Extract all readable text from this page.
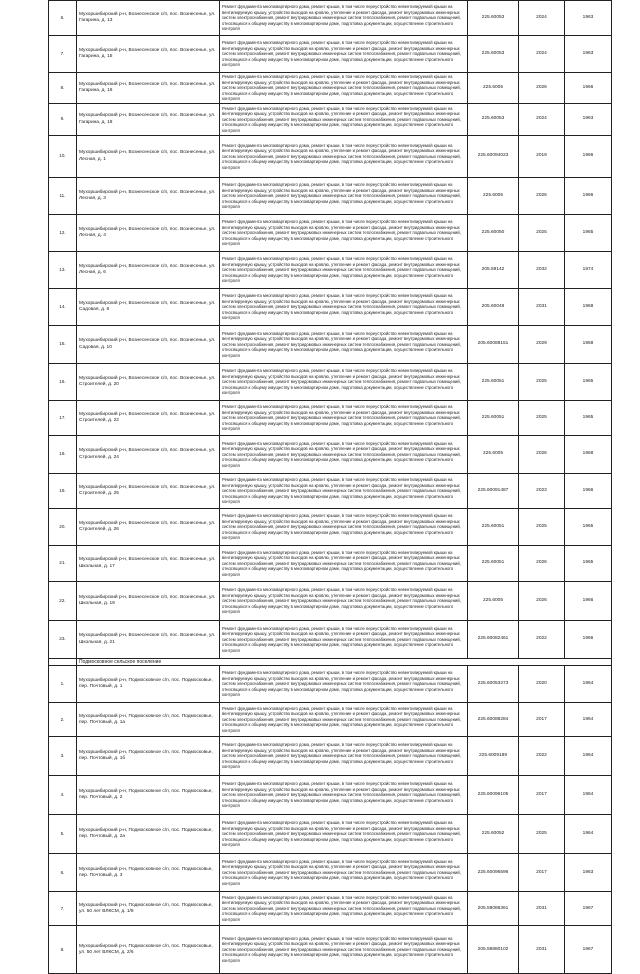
6.	Мухоршибирский р-н, Вознесенское с/п, пос. Вознесенье, ул. Гагарина, д. 13	Ремонт фундамента многоквартирного дома, ремонт крыши, в том числе переустройство невентилируемой крыши на вентилируемую крышу, устройство выходов на кровлю, утепление и ремонт фасада, ремонт внутридомовых инженерных систем электроснабжения, ремонт внутридомовых инженерных систем теплоснабжения, ремонт подвальных помещений, относящихся к общему имуществу в многоквартирном доме, подготовка документации, осуществление строительного контроля	225.60053	2024	1963
7.	Мухоршибирский р-н, Вознесенское с/п, пос. Вознесенье, ул. Гагарина, д. 15	Ремонт фундамента многоквартирного дома, ремонт крыши, в том числе переустройство невентилируемой крыши на вентилируемую крышу, устройство выходов на кровлю, утепление и ремонт фасада, ремонт внутридомовых инженерных систем электроснабжения, ремонт внутридомовых инженерных систем теплоснабжения, ремонт подвальных помещений, относящихся к общему имуществу в многоквартирном доме, подготовка документации, осуществление строительного контроля	225.60053	2024	1963
8.	Мухоршибирский р-н, Вознесенское с/п, пос. Вознесенье, ул. Гагарина, д. 16	Ремонт фундамента многоквартирного дома, ремонт крыши, в том числе переустройство невентилируемой крыши на вентилируемую крышу, устройство выходов на кровлю, утепление и ремонт фасада, ремонт внутридомовых инженерных систем электроснабжения, ремонт внутридомовых инженерных систем теплоснабжения, ремонт подвальных помещений, относящихся к общему имуществу в многоквартирном доме, подготовка документации, осуществление строительного контроля	225.6005	2026	1966
9.	Мухоршибирский р-н, Вознесенское с/п, пос. Вознесенье, ул. Гагарина, д. 18	Ремонт фундамента многоквартирного дома, ремонт крыши, в том числе переустройство невентилируемой крыши на вентилируемую крышу, устройство выходов на кровлю, утепление и ремонт фасада, ремонт внутридомовых инженерных систем электроснабжения, ремонт внутридомовых инженерных систем теплоснабжения, ремонт подвальных помещений, относящихся к общему имуществу в многоквартирном доме, подготовка документации, осуществление строительного контроля	225.60053	2024	1963
10.	Мухоршибирский р-н, Вознесенское с/п, пос. Вознесенье, ул. Лесная, д. 1	Ремонт фундамента многоквартирного дома, ремонт крыши, в том числе переустройство невентилируемой крыши на вентилируемую крышу, устройство выходов на кровлю, утепление и ремонт фасада, ремонт внутридомовых инженерных систем электроснабжения, ремонт внутридомовых инженерных систем теплоснабжения, ремонт подвальных помещений, относящихся к общему имуществу в многоквартирном доме, подготовка документации, осуществление строительного контроля	225.60094023	2019	1966
11.	Мухоршибирский р-н, Вознесенское с/п, пос. Вознесенье, ул. Лесная, д. 3	Ремонт фундамента многоквартирного дома, ремонт крыши, в том числе переустройство невентилируемой крыши на вентилируемую крышу, устройство выходов на кровлю, утепление и ремонт фасада, ремонт внутридомовых инженерных систем электроснабжения, ремонт внутридомовых инженерных систем теплоснабжения, ремонт подвальных помещений, относящихся к общему имуществу в многоквартирном доме, подготовка документации, осуществление строительного контроля	225.6005	2026	1966
12.	Мухоршибирский р-н, Вознесенское с/п, пос. Вознесенье, ул. Лесная, д. 4	Ремонт фундамента многоквартирного дома, ремонт крыши, в том числе переустройство невентилируемой крыши на вентилируемую крышу, устройство выходов на кровлю, утепление и ремонт фасада, ремонт внутридомовых инженерных систем электроснабжения, ремонт внутридомовых инженерных систем теплоснабжения, ремонт подвальных помещений, относящихся к общему имуществу в многоквартирном доме, подготовка документации, осуществление строительного контроля	225.60050	2025	1965
13.	Мухоршибирский р-н, Вознесенское с/п, пос. Вознесенье, ул. Лесная, д. 6	Ремонт фундамента многоквартирного дома, ремонт крыши, в том числе переустройство невентилируемой крыши на вентилируемую крышу, устройство выходов на кровлю, утепление и ремонт фасада, ремонт внутридомовых инженерных систем электроснабжения, ремонт внутридомовых инженерных систем теплоснабжения, ремонт подвальных помещений, относящихся к общему имуществу в многоквартирном доме, подготовка документации, осуществление строительного контроля	205.59142	2032	1974
14.	Мухоршибирский р-н, Вознесенское с/п, пос. Вознесенье, ул. Садовая, д. 8	Ремонт фундамента многоквартирного дома, ремонт крыши, в том числе переустройство невентилируемой крыши на вентилируемую крышу, устройство выходов на кровлю, утепление и ремонт фасада, ремонт внутридомовых инженерных систем электроснабжения, ремонт внутридомовых инженерных систем теплоснабжения, ремонт подвальных помещений, относящихся к общему имуществу в многоквартирном доме, подготовка документации, осуществление строительного контроля	205.60048	2031	1968
15.	Мухоршибирский р-н, Вознесенское с/п, пос. Вознесенье, ул. Садовая, д. 10	Ремонт фундамента многоквартирного дома, ремонт крыши, в том числе переустройство невентилируемой крыши на вентилируемую крышу, устройство выходов на кровлю, утепление и ремонт фасада, ремонт внутридомовых инженерных систем электроснабжения, ремонт внутридомовых инженерных систем теплоснабжения, ремонт подвальных помещений, относящихся к общему имуществу в многоквартирном доме, подготовка документации, осуществление строительного контроля	205.60088151	2029	1968
16.	Мухоршибирский р-н, Вознесенское с/п, пос. Вознесенье, ул. Строителей, д. 20	Ремонт фундамента многоквартирного дома, ремонт крыши, в том числе переустройство невентилируемой крыши на вентилируемую крышу, устройство выходов на кровлю, утепление и ремонт фасада, ремонт внутридомовых инженерных систем электроснабжения, ремонт внутридомовых инженерных систем теплоснабжения, ремонт подвальных помещений, относящихся к общему имуществу в многоквартирном доме, подготовка документации, осуществление строительного контроля	225.60051	2025	1965
17.	Мухоршибирский р-н, Вознесенское с/п, пос. Вознесенье, ул. Строителей, д. 22	Ремонт фундамента многоквартирного дома, ремонт крыши, в том числе переустройство невентилируемой крыши на вентилируемую крышу, устройство выходов на кровлю, утепление и ремонт фасада, ремонт внутридомовых инженерных систем электроснабжения, ремонт внутридомовых инженерных систем теплоснабжения, ремонт подвальных помещений, относящихся к общему имуществу в многоквартирном доме, подготовка документации, осуществление строительного контроля	225.60051	2025	1965
18.	Мухоршибирский р-н, Вознесенское с/п, пос. Вознесенье, ул. Строителей, д. 24	Ремонт фундамента многоквартирного дома, ремонт крыши, в том числе переустройство невентилируемой крыши на вентилируемую крышу, устройство выходов на кровлю, утепление и ремонт фасада, ремонт внутридомовых инженерных систем электроснабжения, ремонт внутридомовых инженерных систем теплоснабжения, ремонт подвальных помещений, относящихся к общему имуществу в многоквартирном доме, подготовка документации, осуществление строительного контроля	225.6005	2026	1968
19.	Мухоршибирский р-н, Вознесенское с/п, пос. Вознесенье, ул. Строителей, д. 25	Ремонт фундамента многоквартирного дома, ремонт крыши, в том числе переустройство невентилируемой крыши на вентилируемую крышу, устройство выходов на кровлю, утепление и ремонт фасада, ремонт внутридомовых инженерных систем электроснабжения, ремонт внутридомовых инженерных систем теплоснабжения, ремонт подвальных помещений, относящихся к общему имуществу в многоквартирном доме, подготовка документации, осуществление строительного контроля	225.60091487	2023	1966
20.	Мухоршибирский р-н, Вознесенское с/п, пос. Вознесенье, ул. Строителей, д. 26	Ремонт фундамента многоквартирного дома, ремонт крыши, в том числе переустройство невентилируемой крыши на вентилируемую крышу, устройство выходов на кровлю, утепление и ремонт фасада, ремонт внутридомовых инженерных систем электроснабжения, ремонт внутридомовых инженерных систем теплоснабжения, ремонт подвальных помещений, относящихся к общему имуществу в многоквартирном доме, подготовка документации, осуществление строительного контроля	225.60051	2025	1965
21.	Мухоршибирский р-н, Вознесенское с/п, пос. Вознесенье, ул. Школьная, д. 17	Ремонт фундамента многоквартирного дома, ремонт крыши, в том числе переустройство невентилируемой крыши на вентилируемую крышу, устройство выходов на кровлю, утепление и ремонт фасада, ремонт внутридомовых инженерных систем электроснабжения, ремонт внутридомовых инженерных систем теплоснабжения, ремонт подвальных помещений, относящихся к общему имуществу в многоквартирном доме, подготовка документации, осуществление строительного контроля	225.60051	2026	1965
22.	Мухоршибирский р-н, Вознесенское с/п, пос. Вознесенье, ул. Школьная, д. 19	Ремонт фундамента многоквартирного дома, ремонт крыши, в том числе переустройство невентилируемой крыши на вентилируемую крышу, устройство выходов на кровлю, утепление и ремонт фасада, ремонт внутридомовых инженерных систем электроснабжения, ремонт внутридомовых инженерных систем теплоснабжения, ремонт подвальных помещений, относящихся к общему имуществу в многоквартирном доме, подготовка документации, осуществление строительного контроля	225.6005	2026	1966
23.	Мухоршибирский р-н, Вознесенское с/п, пос. Вознесенье, ул. Школьная, д. 21	Ремонт фундамента многоквартирного дома, ремонт крыши, в том числе переустройство невентилируемой крыши на вентилируемую крышу, устройство выходов на кровлю, утепление и ремонт фасада, ремонт внутридомовых инженерных систем электроснабжения, ремонт внутридомовых инженерных систем теплоснабжения, ремонт подвальных помещений, относящихся к общему имуществу в многоквартирном доме, подготовка документации, осуществление строительного контроля	225.60082461	2022	1966
	Подмосковное сельское поселение				
1.	Мухоршибирский р-н, Подмосковное с/п, пос. Подмосковье, пер. Почтовый, д. 1	Ремонт фундамента многоквартирного дома, ремонт крыши, в том числе переустройство невентилируемой крыши на вентилируемую крышу, устройство выходов на кровлю, утепление и ремонт фасада, ремонт внутридомовых инженерных систем электроснабжения, ремонт внутридомовых инженерных систем теплоснабжения, ремонт подвальных помещений, относящихся к общему имуществу в многоквартирном доме, подготовка документации, осуществление строительного контроля	225.60053273	2020	1964
2.	Мухоршибирский р-н, Подмосковное с/п, пос. Подмосковье, пер. Почтовый, д. 1а	Ремонт фундамента многоквартирного дома, ремонт крыши, в том числе переустройство невентилируемой крыши на вентилируемую крышу, устройство выходов на кровлю, утепление и ремонт фасада, ремонт внутридомовых инженерных систем электроснабжения, ремонт внутридомовых инженерных систем теплоснабжения, ремонт подвальных помещений, относящихся к общему имуществу в многоквартирном доме, подготовка документации, осуществление строительного контроля	225.60088284	2017	1964
3.	Мухоршибирский р-н, Подмосковное с/п, пос. Подмосковье, пер. Почтовый, д. 1б	Ремонт фундамента многоквартирного дома, ремонт крыши, в том числе переустройство невентилируемой крыши на вентилируемую крышу, устройство выходов на кровлю, утепление и ремонт фасада, ремонт внутридомовых инженерных систем электроснабжения, ремонт внутридомовых инженерных систем теплоснабжения, ремонт подвальных помещений, относящихся к общему имуществу в многоквартирном доме, подготовка документации, осуществление строительного контроля	225.6009189	2022	1964
4.	Мухоршибирский р-н, Подмосковное с/п, пос. Подмосковье, пер. Почтовый, д. 2	Ремонт фундамента многоквартирного дома, ремонт крыши, в том числе переустройство невентилируемой крыши на вентилируемую крышу, устройство выходов на кровлю, утепление и ремонт фасада, ремонт внутридомовых инженерных систем электроснабжения, ремонт внутридомовых инженерных систем теплоснабжения, ремонт подвальных помещений, относящихся к общему имуществу в многоквартирном доме, подготовка документации, осуществление строительного контроля	225.60096105	2017	1964
5.	Мухоршибирский р-н, Подмосковное с/п, пос. Подмосковье, пер. Почтовый, д. 2а	Ремонт фундамента многоквартирного дома, ремонт крыши, в том числе переустройство невентилируемой крыши на вентилируемую крышу, устройство выходов на кровлю, утепление и ремонт фасада, ремонт внутридомовых инженерных систем электроснабжения, ремонт внутридомовых инженерных систем теплоснабжения, ремонт подвальных помещений, относящихся к общему имуществу в многоквартирном доме, подготовка документации, осуществление строительного контроля	225.60052	2025	1964
6.	Мухоршибирский р-н, Подмосковное с/п, пос. Подмосковье, пер. Почтовый, д. 3	Ремонт фундамента многоквартирного дома, ремонт крыши, в том числе переустройство невентилируемой крыши на вентилируемую крышу, устройство выходов на кровлю, утепление и ремонт фасада, ремонт внутридомовых инженерных систем электроснабжения, ремонт внутридомовых инженерных систем теплоснабжения, ремонт подвальных помещений, относящихся к общему имуществу в многоквартирном доме, подготовка документации, осуществление строительного контроля	225.60096596	2017	1963
7.	Мухоршибирский р-н, Подмосковное с/п, пос. Подмосковье, ул. 50 лет ВЛКСМ, д. 1/8	Ремонт фундамента многоквартирного дома, ремонт крыши, в том числе переустройство невентилируемой крыши на вентилируемую крышу, устройство выходов на кровлю, утепление и ремонт фасада, ремонт внутридомовых инженерных систем электроснабжения, ремонт внутридомовых инженерных систем теплоснабжения, ремонт подвальных помещений, относящихся к общему имуществу в многоквартирном доме, подготовка документации, осуществление строительного контроля	205.59086361	2031	1967
8.	Мухоршибирский р-н, Подмосковное с/п, пос. Подмосковье, ул. 50 лет ВЛКСМ, д. 2/6	Ремонт фундамента многоквартирного дома, ремонт крыши, в том числе переустройство невентилируемой крыши на вентилируемую крышу, устройство выходов на кровлю, утепление и ремонт фасада, ремонт внутридомовых инженерных систем электроснабжения, ремонт внутридомовых инженерных систем теплоснабжения, ремонт подвальных помещений, относящихся к общему имуществу в многоквартирном доме, подготовка документации, осуществление строительного контроля	205.59880102	2031	1967
